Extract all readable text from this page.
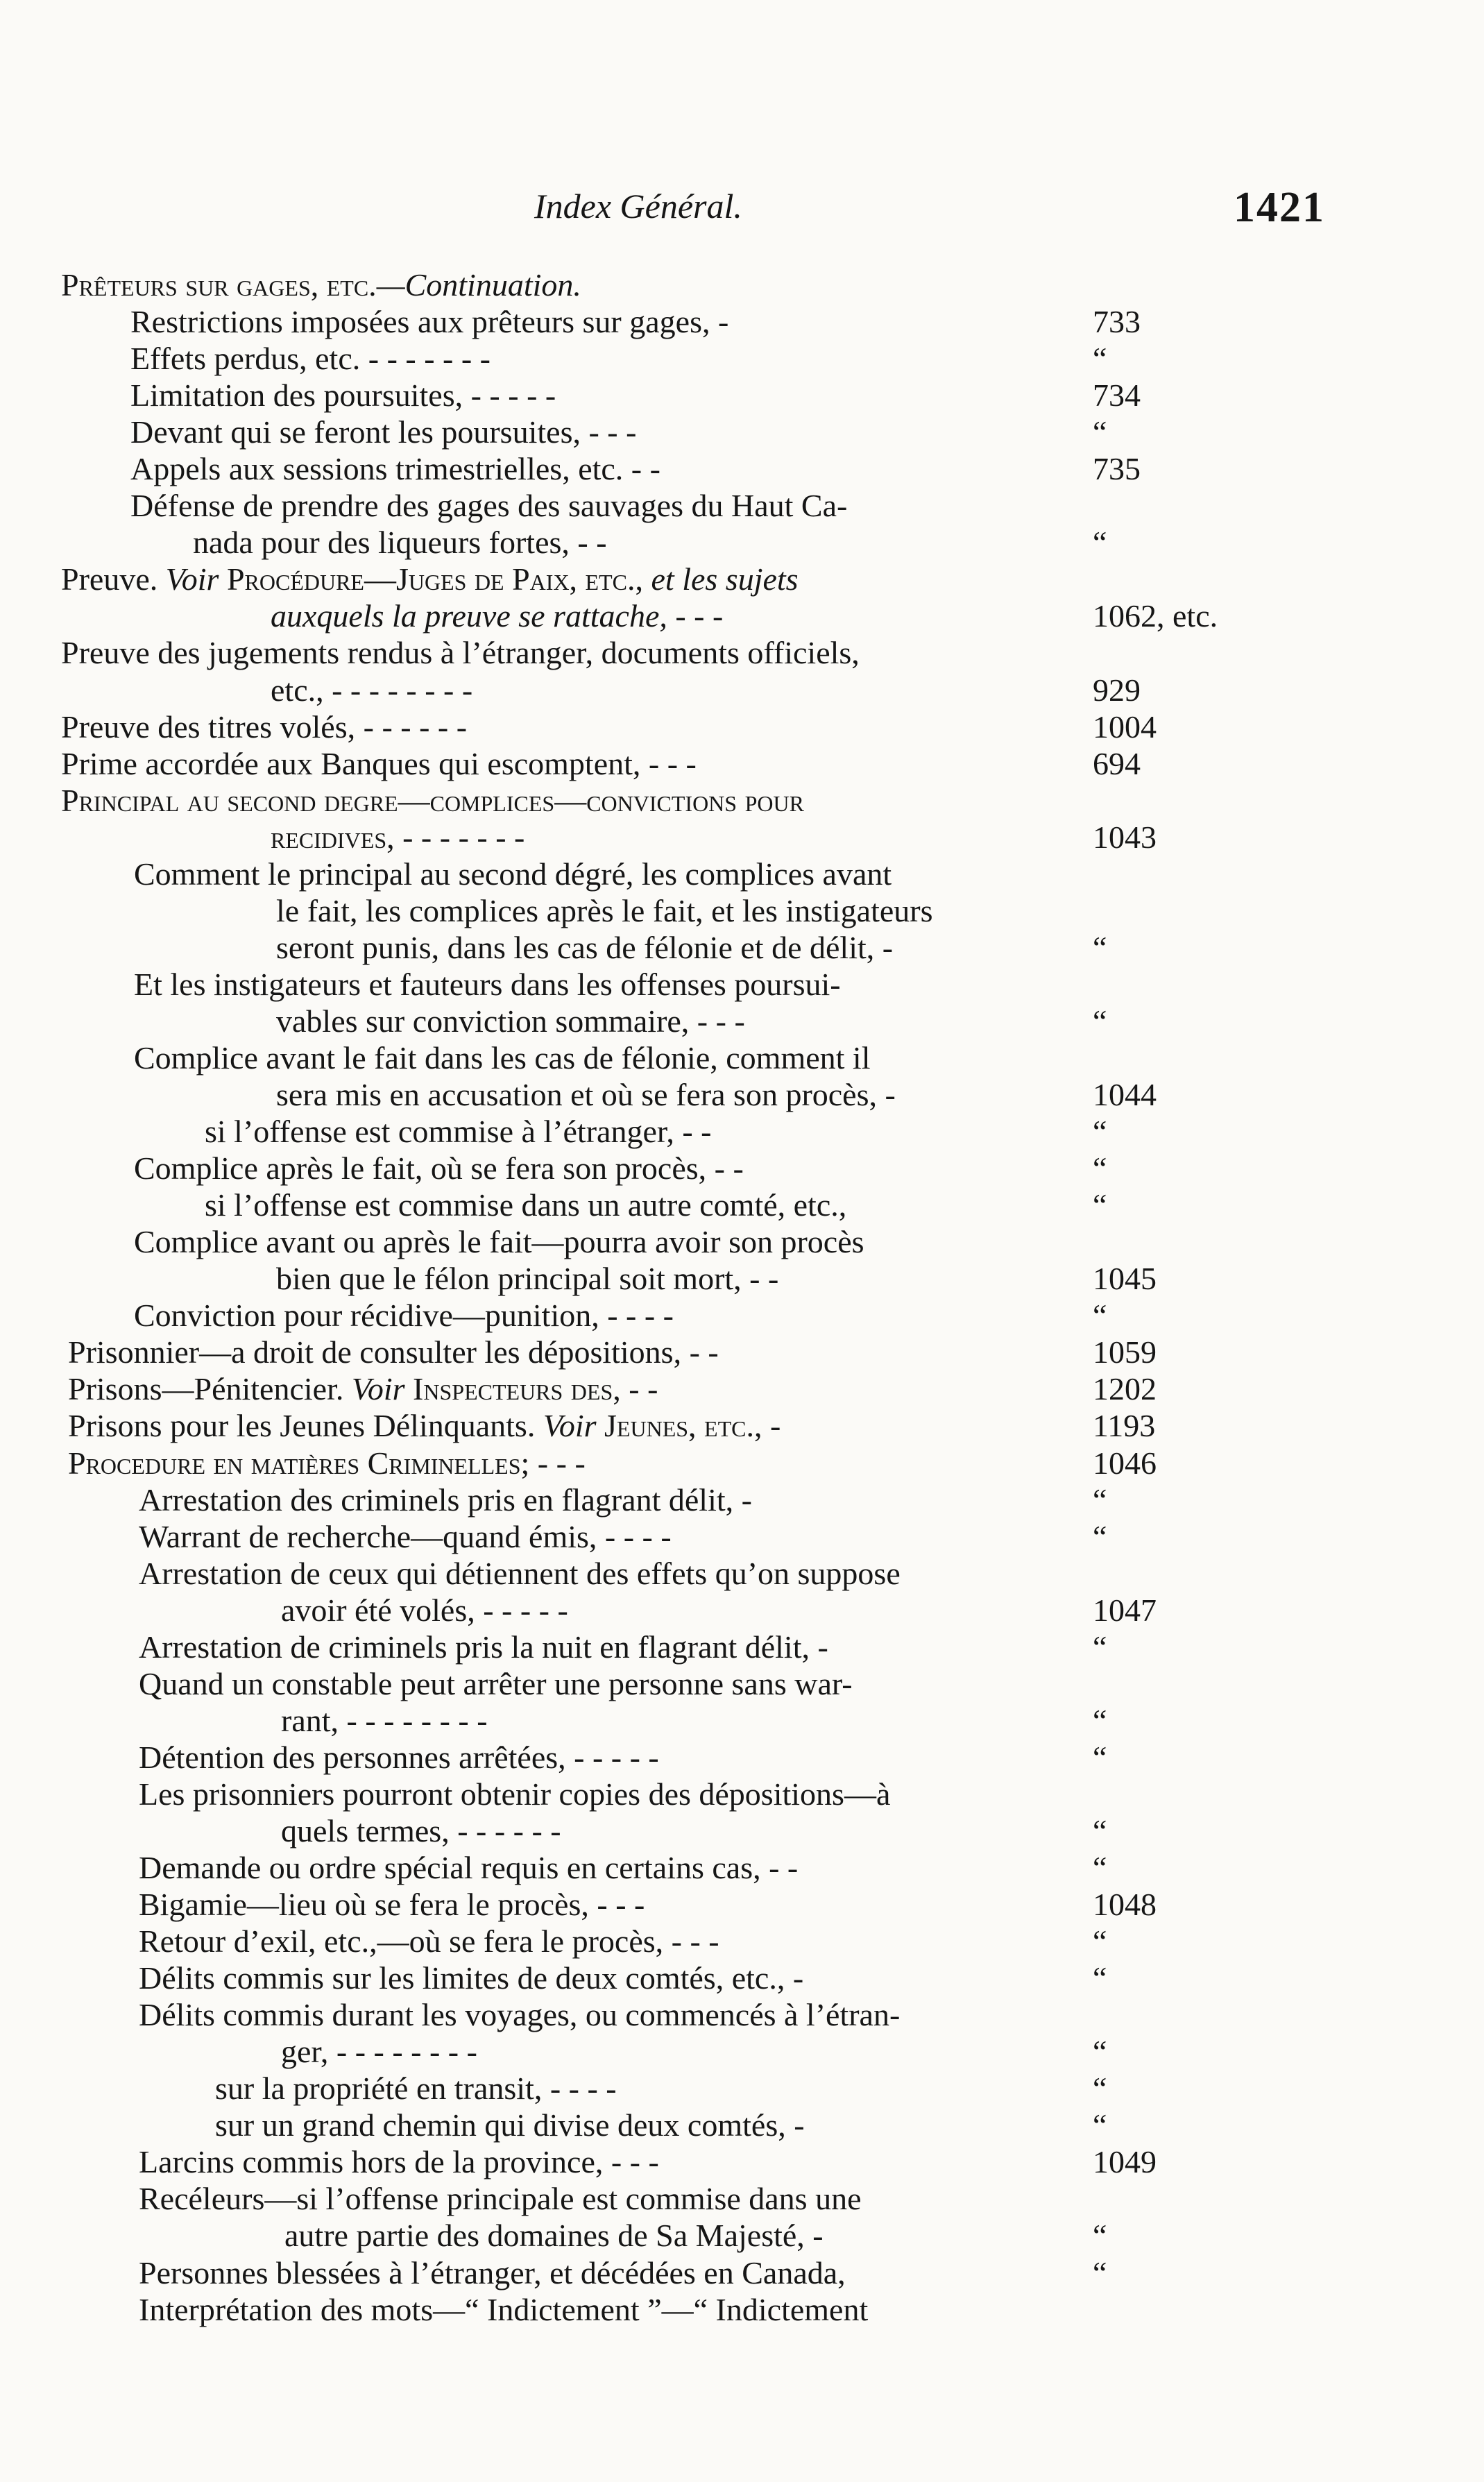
Index Général.	1421
Prêteurs sur gages, etc.—Continuation.
Restrictions imposées aux prêteurs sur gages, -	733
Effets perdus, etc. - - - - - - -	“
Limitation des poursuites, - - - - -	734
Devant qui se feront les poursuites, - - -	“
Appels aux sessions trimestrielles, etc. - -	735
Défense de prendre des gages des sauvages du Haut Ca-
nada pour des liqueurs fortes, - -	“
Preuve. Voir Procédure—Juges de Paix, etc., et les sujets
auxquels la preuve se rattache, - - -	1062, etc.
Preuve des jugements rendus à l’étranger, documents officiels,
etc., - - - - - - - -	929
Preuve des titres volés, - - - - - -	1004
Prime accordée aux Banques qui escomptent, - - -	694
Principal au second degre—complices—convictions pour
recidives, - - - - - - -	1043
Comment le principal au second dégré, les complices avant
le fait, les complices après le fait, et les instigateurs
seront punis, dans les cas de félonie et de délit, -	“
Et les instigateurs et fauteurs dans les offenses poursui-
vables sur conviction sommaire, - - -	“
Complice avant le fait dans les cas de félonie, comment il
sera mis en accusation et où se fera son procès, -	1044
si l’offense est commise à l’étranger, - -	“
Complice après le fait, où se fera son procès, - -	“
si l’offense est commise dans un autre comté, etc.,	“
Complice avant ou après le fait—pourra avoir son procès
bien que le félon principal soit mort, - -	1045
Conviction pour récidive—punition, - - - -	“
Prisonnier—a droit de consulter les dépositions, - -	1059
Prisons—Pénitencier. Voir Inspecteurs des, - -	1202
Prisons pour les Jeunes Délinquants. Voir Jeunes, etc., -	1193
Procedure en matières Criminelles; - - -	1046
Arrestation des criminels pris en flagrant délit, -	“
Warrant de recherche—quand émis, - - - -	“
Arrestation de ceux qui détiennent des effets qu’on suppose
avoir été volés, - - - - -	1047
Arrestation de criminels pris la nuit en flagrant délit, -	“
Quand un constable peut arrêter une personne sans war-
rant, - - - - - - - -	“
Détention des personnes arrêtées, - - - - -	“
Les prisonniers pourront obtenir copies des dépositions—à
quels termes, - - - - - -	“
Demande ou ordre spécial requis en certains cas, - -	“
Bigamie—lieu où se fera le procès, - - -	1048
Retour d’exil, etc.,—où se fera le procès, - - -	“
Délits commis sur les limites de deux comtés, etc., -	“
Délits commis durant les voyages, ou commencés à l’étran-
ger, - - - - - - - -	“
sur la propriété en transit, - - - -	“
sur un grand chemin qui divise deux comtés, -	“
Larcins commis hors de la province, - - -	1049
Recéleurs—si l’offense principale est commise dans une
autre partie des domaines de Sa Majesté, -	“
Personnes blessées à l’étranger, et décédées en Canada,	“
Interprétation des mots—“ Indictement ”—“ Indictement
